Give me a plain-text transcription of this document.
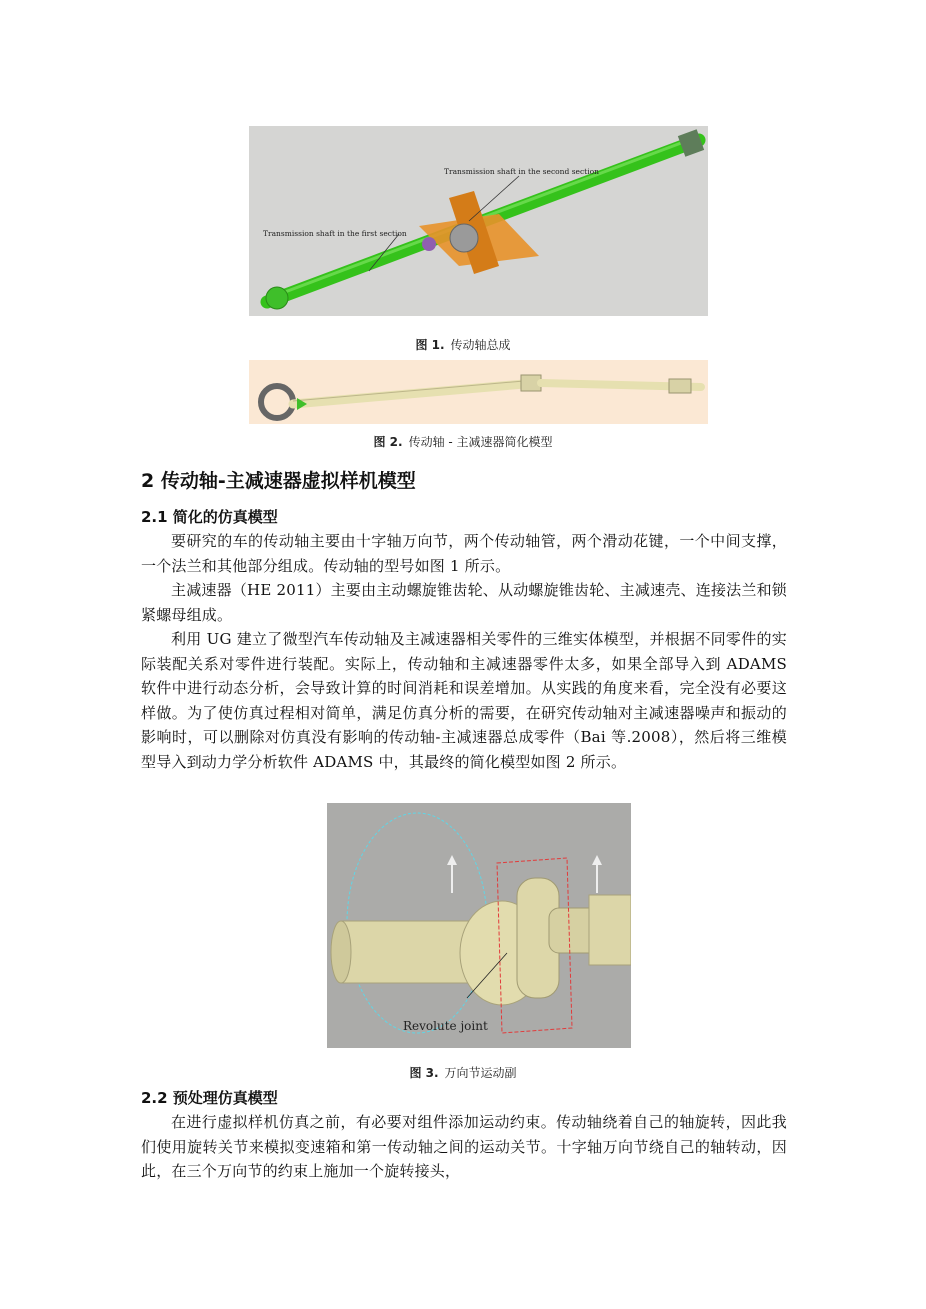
Transmission shaft in the second section
Transmission shaft in the first section
图 1. 传动轴总成
图 2. 传动轴 - 主减速器简化模型
2 传动轴-主减速器虚拟样机模型
2.1 简化的仿真模型
要研究的车的传动轴主要由十字轴万向节，两个传动轴管，两个滑动花键，一个中间支撑，一个法兰和其他部分组成。传动轴的型号如图 1 所示。
主减速器（HE 2011）主要由主动螺旋锥齿轮、从动螺旋锥齿轮、主减速壳、连接法兰和锁紧螺母组成。
利用 UG 建立了微型汽车传动轴及主减速器相关零件的三维实体模型，并根据不同零件的实际装配关系对零件进行装配。实际上，传动轴和主减速器零件太多，如果全部导入到 ADAMS 软件中进行动态分析，会导致计算的时间消耗和误差增加。从实践的角度来看，完全没有必要这样做。为了使仿真过程相对简单，满足仿真分析的需要，在研究传动轴对主减速器噪声和振动的影响时，可以删除对仿真没有影响的传动轴-主减速器总成零件（Bai 等.2008），然后将三维模型导入到动力学分析软件 ADAMS 中，其最终的简化模型如图 2 所示。
Revolute joint
图 3. 万向节运动副
2.2 预处理仿真模型
在进行虚拟样机仿真之前，有必要对组件添加运动约束。传动轴绕着自己的轴旋转，因此我们使用旋转关节来模拟变速箱和第一传动轴之间的运动关节。十字轴万向节绕自己的轴转动，因此，在三个万向节的约束上施加一个旋转接头，
